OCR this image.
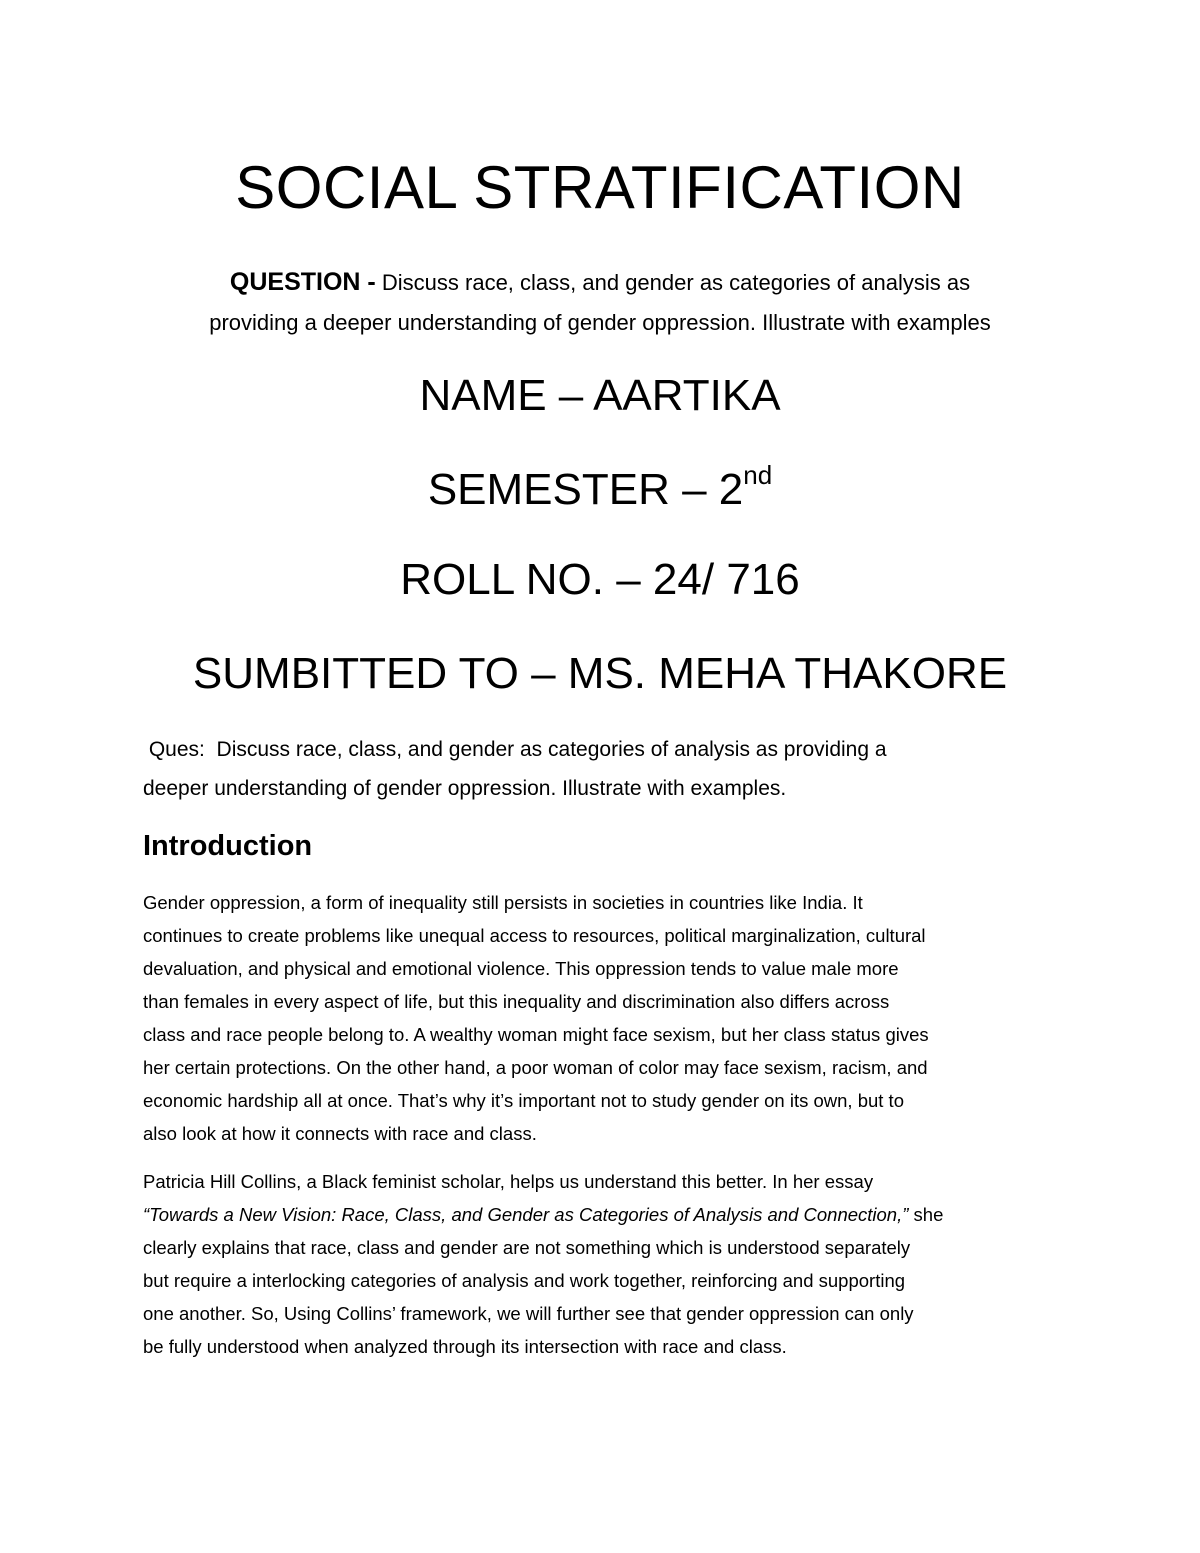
SOCIAL STRATIFICATION

QUESTION - Discuss race, class, and gender as categories of analysis as
providing a deeper understanding of gender oppression. Illustrate with examples

NAME – AARTIKA

SEMESTER – 2nd

ROLL NO. – 24/ 716

SUMBITTED TO – MS. MEHA THAKORE

Ques:  Discuss race, class, and gender as categories of analysis as providing a
deeper understanding of gender oppression. Illustrate with examples.

Introduction
Gender oppression, a form of inequality still persists in societies in countries like India. It
continues to create problems like unequal access to resources, political marginalization, cultural
devaluation, and physical and emotional violence. This oppression tends to value male more
than females in every aspect of life, but this inequality and discrimination also differs across
class and race people belong to. A wealthy woman might face sexism, but her class status gives
her certain protections. On the other hand, a poor woman of color may face sexism, racism, and
economic hardship all at once. That’s why it’s important not to study gender on its own, but to
also look at how it connects with race and class.
Patricia Hill Collins, a Black feminist scholar, helps us understand this better. In her essay
“Towards a New Vision: Race, Class, and Gender as Categories of Analysis and Connection,” she
clearly explains that race, class and gender are not something which is understood separately
but require a interlocking categories of analysis and work together, reinforcing and supporting
one another. So, Using Collins’ framework, we will further see that gender oppression can only
be fully understood when analyzed through its intersection with race and class.
